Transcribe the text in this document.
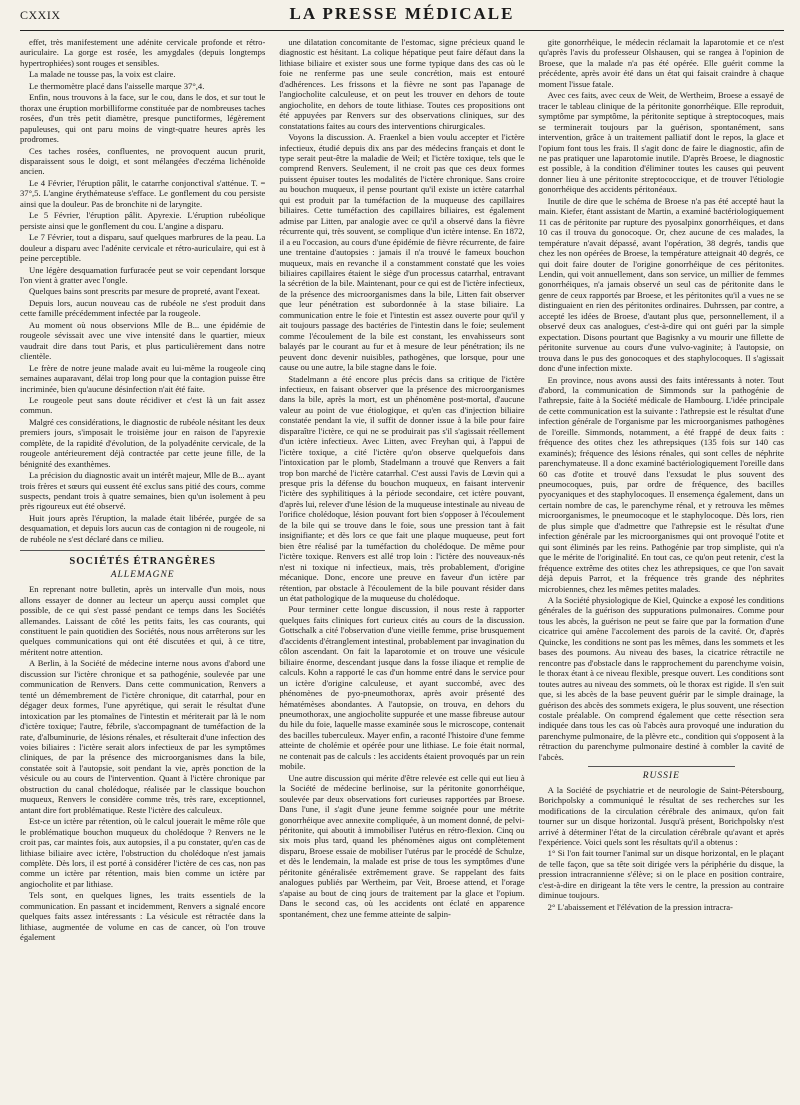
CXXIX	LA PRESSE MÉDICALE

effet, très manifestement une adénite cervicale profonde et rétro-auriculaire. La gorge est rosée, les amygdales (depuis longtemps hypertrophiées) sont rouges et sensibles.

La malade ne tousse pas, la voix est claire.

Le thermomètre placé dans l'aisselle marque 37°,4.

Enfin, nous trouvons à la face, sur le cou, dans le dos, et sur tout le thorax une éruption morbilliforme constituée par de nombreuses taches rosées, d'un très petit diamètre, presque punctiformes, légèrement papuleuses, qui ont paru moins de vingt-quatre heures après les prodromes.

Ces taches rosées, confluentes, ne provoquent aucun prurit, disparaissent sous le doigt, et sont mélangées d'eczéma lichénoïde ancien.

Le 4 Février, l'éruption pâlit, le catarrhe conjonctival s'atténue. T. = 37°,5. L'angine érythémateuse s'efface. Le gonflement du cou persiste ainsi que la douleur. Pas de bronchite ni de laryngite.

Le 5 Février, l'éruption pâlit. Apyrexie. L'éruption rubéolique persiste ainsi que le gonflement du cou. L'angine a disparu.

Le 7 Février, tout a disparu, sauf quelques marbrures de la peau. La douleur a disparu avec l'adénite cervicale et rétro-auriculaire, qui est à peine perceptible.

Une légère desquamation furfuracée peut se voir cependant lorsque l'on vient à gratter avec l'ongle.

Quelques bains sont prescrits par mesure de propreté, avant l'exeat.

Depuis lors, aucun nouveau cas de rubéole ne s'est produit dans cette famille précédemment infectée par la rougeole.

Au moment où nous observions Mlle de B... une épidémie de rougeole sévissait avec une vive intensité dans le quartier, mieux vaudrait dire dans tout Paris, et plus particulièrement dans notre clientèle.

Le frère de notre jeune malade avait eu lui-même la rougeole cinq semaines auparavant, délai trop long pour que la contagion puisse être incriminée, bien qu'aucune désinfection n'ait été faite.

Le rougeole peut sans doute récidiver et c'est là un fait assez commun.

Malgré ces considérations, le diagnostic de rubéole nésitant les deux premiers jours, s'imposait le troisième jour en raison de l'apyrexie complète, de la rapidité d'évolution, de la polyadénite cervicale, de la rougeole antérieurement déjà contractée par cette jeune fille, de la bénignité des exanthèmes.

La précision du diagnostic avait un intérêt majeur, Mlle de B... ayant trois frères et sœurs qui eussent été exclus sans pitié des cours, comme suspects, pendant trois à quatre semaines, bien qu'un isolement à peu près rigoureux eut été observé.

Huit jours après l'éruption, la malade était libérée, purgée de sa desquamation, et depuis lors aucun cas de contagion ni de rougeole, ni de rubéole ne s'est déclaré dans ce milieu.

SOCIÉTÉS ÉTRANGÈRES
ALLEMAGNE

En reprenant notre bulletin, après un intervalle d'un mois, nous allons essayer de donner au lecteur un aperçu aussi complet que possible, de ce qui s'est passé pendant ce temps dans les Sociétés allemandes. Laissant de côté les petits faits, les cas courants, qui constituent le pain quotidien des Sociétés, nous nous arrêterons sur les quelques communications qui ont été discutées et qui, à ce titre, méritent notre attention.

A Berlin, à la Société de médecine interne nous avons d'abord une discussion sur l'ictère chronique et sa pathogénie, soulevée par une communication de Renvers. Dans cette communication, Renvers a tenté un démembrement de l'ictère chronique, dit catarrhal, pour en dégager deux formes, l'une apyrétique, qui serait le résultat d'une intoxication par les ptomaïnes de l'intestin et mériterait par là le nom d'ictère toxique; l'autre, fébrile, s'accompagnant de tuméfaction de la rate, d'albuminurie, de lésions rénales, et résulterait d'une infection des voies biliaires : l'ictère serait alors infectieux de par les symptômes cliniques, de par la présence des microorganismes dans la bile, constatée soit à l'autopsie, soit pendant la vie, après ponction de la vésicule ou au cours de l'intervention. Quant à l'ictère chronique par obstruction du canal cholédoque, réalisée par le classique bouchon muqueux, Renvers le considère comme très, très rare, exceptionnel, antant dire fort problématique. Reste l'ictère des calculeux.

Est-ce un ictère par rétention, où le calcul jouerait le même rôle que le problématique bouchon muqueux du cholédoque ? Renvers ne le croit pas, car maintes fois, aux autopsies, il a pu constater, qu'en cas de lithiase biliaire avec ictère, l'obstruction du cholédoque n'est jamais complète. Dès lors, il est porté à considérer l'ictère de ces cas, non pas comme un ictère par rétention, mais bien comme un ictère par angiocholite et par lithiase.

Tels sont, en quelques lignes, les traits essentiels de la communication. En passant et incidemment, Renvers a signalé encore quelques faits assez intéressants : La vésicule est rétractée dans la lithiase, augmentée de volume en cas de cancer, où l'on trouve également

une dilatation concomitante de l'estomac, signe précieux quand le diagnostic est hésitant. La colique hépatique peut faire défaut dans la lithiase biliaire et exister sous une forme typique dans des cas où le foie ne renferme pas une seule concrétion, mais est entouré d'adhérences. Les frissons et la fièvre ne sont pas l'apanage de l'angiocholite calculeuse, et on peut les trouver en dehors de toute angiocholite, en dehors de toute lithiase. Toutes ces propositions ont été appuyées par Renvers sur des observations cliniques, sur des constatations faites au cours des interventions chirurgicales.

Voyons la discussion. A. Fraenkel a bien voulu accepter et l'ictère infectieux, étudié depuis dix ans par des médecins français et dont le type serait peut-être la maladie de Weil; et l'ictère toxique, tels que le comprend Renvers. Seulement, il ne croit pas que ces deux formes puissent épuiser toutes les modalités de l'ictère chronique. Sans croire au bouchon muqueux, il pense pourtant qu'il existe un ictère catarrhal qui est produit par la tuméfaction de la muqueuse des capillaires biliaires. Cette tuméfaction des capillaires biliaires, est également admise par Litten, par analogie avec ce qu'il a observé dans la fièvre récurrente qui, très souvent, se complique d'un ictère intense. En 1872, il a eu l'occasion, au cours d'une épidémie de fièvre récurrente, de faire une trentaine d'autopsies : jamais il n'a trouvé le fameux bouchon muqueux, mais en revanche il a constamment constaté que les voies biliaires capillaires étaient le siège d'un processus catarrhal, entravant la sécrétion de la bile. Maintenant, pour ce qui est de l'ictère infectieux, de la présence des microorganismes dans la bile, Litten fait observer que leur pénétration est subordonnée à la stase biliaire. La communication entre le foie et l'intestin est assez ouverte pour qu'il y ait toujours passage des bactéries de l'intestin dans le foie; seulement comme l'écoulement de la bile est constant, les envahisseurs sont balayés par le courant au fur et à mesure de leur pénétration; ils ne peuvent donc devenir nuisibles, pathogènes, que lorsque, pour une cause ou une autre, la bile stagne dans le foie.

Stadelmann a été encore plus précis dans sa critique de l'ictère infectieux, en faisant observer que la présence des microorganismes dans la bile, après la mort, est un phénomène post-mortal, d'aucune valeur au point de vue étiologique, et qu'en cas d'injection biliaire constatée pendant la vie, il suffit de donner issue à la bile pour faire disparaître l'ictère, ce qui ne se produirait pas s'il s'agissait réellement d'un ictère infectieux. Avec Litten, avec Freyhan qui, à l'appui de l'ictère toxique, a cité l'ictère qu'on observe quelquefois dans l'intoxication par le plomb, Stadelmann a trouvé que Renvers a fait trop bon marché de l'ictère catarrhal. C'est aussi l'avis de Lœvin qui a presque pris la défense du bouchon muqueux, en faisant intervenir l'ictère des syphilitiques à la période secondaire, cet ictère pouvant, d'après lui, relever d'une lésion de la muqueuse intestinale au niveau de l'orifice cholédoque, lésion pouvant fort bien s'opposer à l'écoulement de la bile qui se trouve dans le foie, sous une pression tant à fait insignifiante; et dès lors ce que fait une plaque muqueuse, peut fort bien être réalisé par la tuméfaction du cholédoque. De même pour l'ictère toxique. Renvers est allé trop loin : l'ictère des nouveaux-nés n'est ni toxique ni infectieux, mais, très probablement, d'origine mécanique. Donc, encore une preuve en faveur d'un ictère par rétention, par obstacle à l'écoulement de la bile pouvant résider dans un état pathologique de la muqueuse du cholédoque.

Pour terminer cette longue discussion, il nous reste à rapporter quelques faits cliniques fort curieux cités au cours de la discussion. Gottschalk a cité l'observation d'une vieille femme, prise brusquement d'accidents d'étranglement intestinal, probablement par invagination du côlon ascendant. On fait la laparotomie et on trouve une vésicule biliaire énorme, descendant jusque dans la fosse iliaque et remplie de calculs. Kohn a rapporté le cas d'un homme entré dans le service pour un ictère d'origine calculeuse, et ayant succombé, avec des phénomènes de pyo-pneumothorax, après avoir présenté des hématémèses abondantes. A l'autopsie, on trouva, en dehors du pneumothorax, une angiocholite suppurée et une masse fibreuse autour du hile du foie, laquelle masse examinée sous le microscope, contenait des bacilles tuberculeux. Mayer enfin, a raconté l'histoire d'une femme atteinte de cholémie et opérée pour une lithiase. Le foie était normal, ne contenait pas de calculs : les accidents étaient provoqués par un rein mobile.

Une autre discussion qui mérite d'être relevée est celle qui eut lieu à la Société de médecine berlinoise, sur la péritonite gonorrhéique, soulevée par deux observations fort curieuses rapportées par Broese. Dans l'une, il s'agit d'une jeune femme soignée pour une métrite gonorrhéique avec annexite compliquée, à un moment donné, de pelvi-péritonite, qui aboutit à immobiliser l'utérus en rétro-flexion. Cinq ou six mois plus tard, quand les phénomènes aigus ont complètement disparu, Broese essaie de mobiliser l'utérus par le procédé de Schulze, et dès le lendemain, la malade est prise de tous les symptômes d'une péritonite généralisée extrêmement grave. Se rappelant des faits analogues publiés par Wertheim, par Veit, Broese attend, et l'orage s'apaise au bout de cinq jours de traitement par la glace et l'opium. Dans le second cas, où les accidents ont éclaté en apparence spontanément, chez une femme atteinte de salpin-

gite gonorrhéique, le médecin réclamait la laparotomie et ce n'est qu'après l'avis du professeur Olshausen, qui se rangea à l'opinion de Broese, que la malade n'a pas été opérée. Elle guérit comme la précédente, après avoir été dans un état qui faisait craindre à chaque moment l'issue fatale.

Avec ces faits, avec ceux de Weit, de Wertheim, Broese a essayé de tracer le tableau clinique de la péritonite gonorrhéique. Elle reproduit, symptôme par symptôme, la péritonite septique à streptocoques, mais se terminerait toujours par la guérison, spontanément, sans intervention, grâce à un traitement palliatif dont le repos, la glace et l'opium font tous les frais. Il s'agit donc de faire le diagnostic, afin de ne pas pratiquer une laparotomie inutile. D'après Broese, le diagnostic est possible, à la condition d'éliminer toutes les causes qui peuvent donner lieu à une péritonite streptococcique, et de trouver l'étiologie gonorrhéique des accidents péritonéaux.

Inutile de dire que le schéma de Broese n'a pas été accepté haut la main. Kiefer, étant assistant de Martin, a examiné bactériologiquement 11 cas de péritonite par rupture des pyosalpinx gonorrhéiques, et dans 10 cas il trouva du gonocoque. Or, chez aucune de ces malades, la température n'avait dépassé, avant l'opération, 38 degrés, tandis que chez les non opérées de Broese, la température atteignait 40 degrés, ce qui doit faire douter de l'origine gonorrhéique de ces péritonites. Lendin, qui voit annuellement, dans son service, un millier de femmes gonorrhéiques, n'a jamais observé un seul cas de péritonite dans le genre de ceux rapportés par Broese, et les péritonites qu'il a vues ne se distinguaient en rien des péritonites ordinaires. Duhrssen, par contre, a accepté les idées de Broese, d'autant plus que, personnellement, il a observé deux cas analogues, c'est-à-dire qui ont guéri par la simple expectation. Disons pourtant que Bagisnky a vu mourir une fillette de péritonite survenue au cours d'une vulvo-vaginite; à l'autopsie, on trouva dans le pus des gonocoques et des staphylocoques. Il s'agissait donc d'une infection mixte.

En province, nous avons aussi des faits intéressants à noter. Tout d'abord, la communication de Simmonds sur la pathogénie de l'athrepsie, faite à la Société médicale de Hambourg. L'idée principale de cette communication est la suivante : l'athrepsie est le résultat d'une infection générale de l'organisme par les microorganismes pathogènes de l'oreille. Simmonds, notamment, a été frappé de deux faits : fréquence des otites chez les athrepsiques (135 fois sur 140 cas examinés); fréquence des lésions rénales, qui sont celles de néphrite parenchymateuse. Il a donc examiné bactériologiquement l'oreille dans 60 cas d'otite et trouvé dans l'exsudat le plus souvent des pneumocoques, puis, par ordre de fréquence, des bacilles pyocyaniques et des staphylocoques. Il ensemença également, dans un certain nombre de cas, le parenchyme rénal, et y retrouva les mêmes microorganismes, le pneumocoque et le staphylocoque. Dès lors, rien de plus simple que d'admettre que l'athrepsie est le résultat d'une infection générale par les microorganismes qui ont provoqué l'otite et qui sont éliminés par les reins. Pathogénie par trop simpliste, qui n'a que le mérite de l'originalité. En tout cas, ce qu'on peut retenir, c'est la fréquence extrême des otites chez les athrepsiques, ce que l'on savait déjà depuis Parrot, et la fréquence très grande des néphrites microbiennes, chez les mêmes petites malades.

A la Société physiologique de Kiel, Quincke a exposé les conditions générales de la guérison des suppurations pulmonaires. Comme pour tous les abcès, la guérison ne peut se faire que par la formation d'une cicatrice qui amène l'accolement des parois de la cavité. Or, d'après Quincke, les conditions ne sont pas les mêmes, dans les sommets et les bases des poumons. Au niveau des bases, la cicatrice rétractile ne rencontre pas d'obstacle dans le rapprochement du parenchyme voisin, le thorax étant à ce niveau flexible, presque ouvert. Les conditions sont toutes autres au niveau des sommets, où le thorax est rigide. Il s'en suit que, si les abcès de la base peuvent guérir par le simple drainage, la guérison des abcès des sommets exigera, le plus souvent, une résection costale préalable. On comprend également que cette résection sera indiquée dans tous les cas où l'abcès aura provoqué une induration du parenchyme pulmonaire, de la plèvre etc., condition qui s'opposent à la rétraction du parenchyme pulmonaire destiné à combler la cavité de l'abcès.

RUSSIE

A la Société de psychiatrie et de neurologie de Saint-Pétersbourg, Borichpolsky a communiqué le résultat de ses recherches sur les modifications de la circulation cérébrale des animaux, qu'on fait tourner sur un disque horizontal. Jusqu'à présent, Borichpolsky n'est arrivé à déterminer l'état de la circulation cérébrale qu'avant et après l'expérience. Voici quels sont les résultats qu'il a obtenus :

1° Si l'on fait tourner l'animal sur un disque horizontal, en le plaçant de telle façon, que sa tête soit dirigée vers la périphérie du disque, la pression intracrannienne s'élève; si on le place en position contraire, c'est-à-dire en dirigeant la tête vers le centre, la pression au contraire diminue toujours.

2° L'abaissement et l'élévation de la pression intracra-
